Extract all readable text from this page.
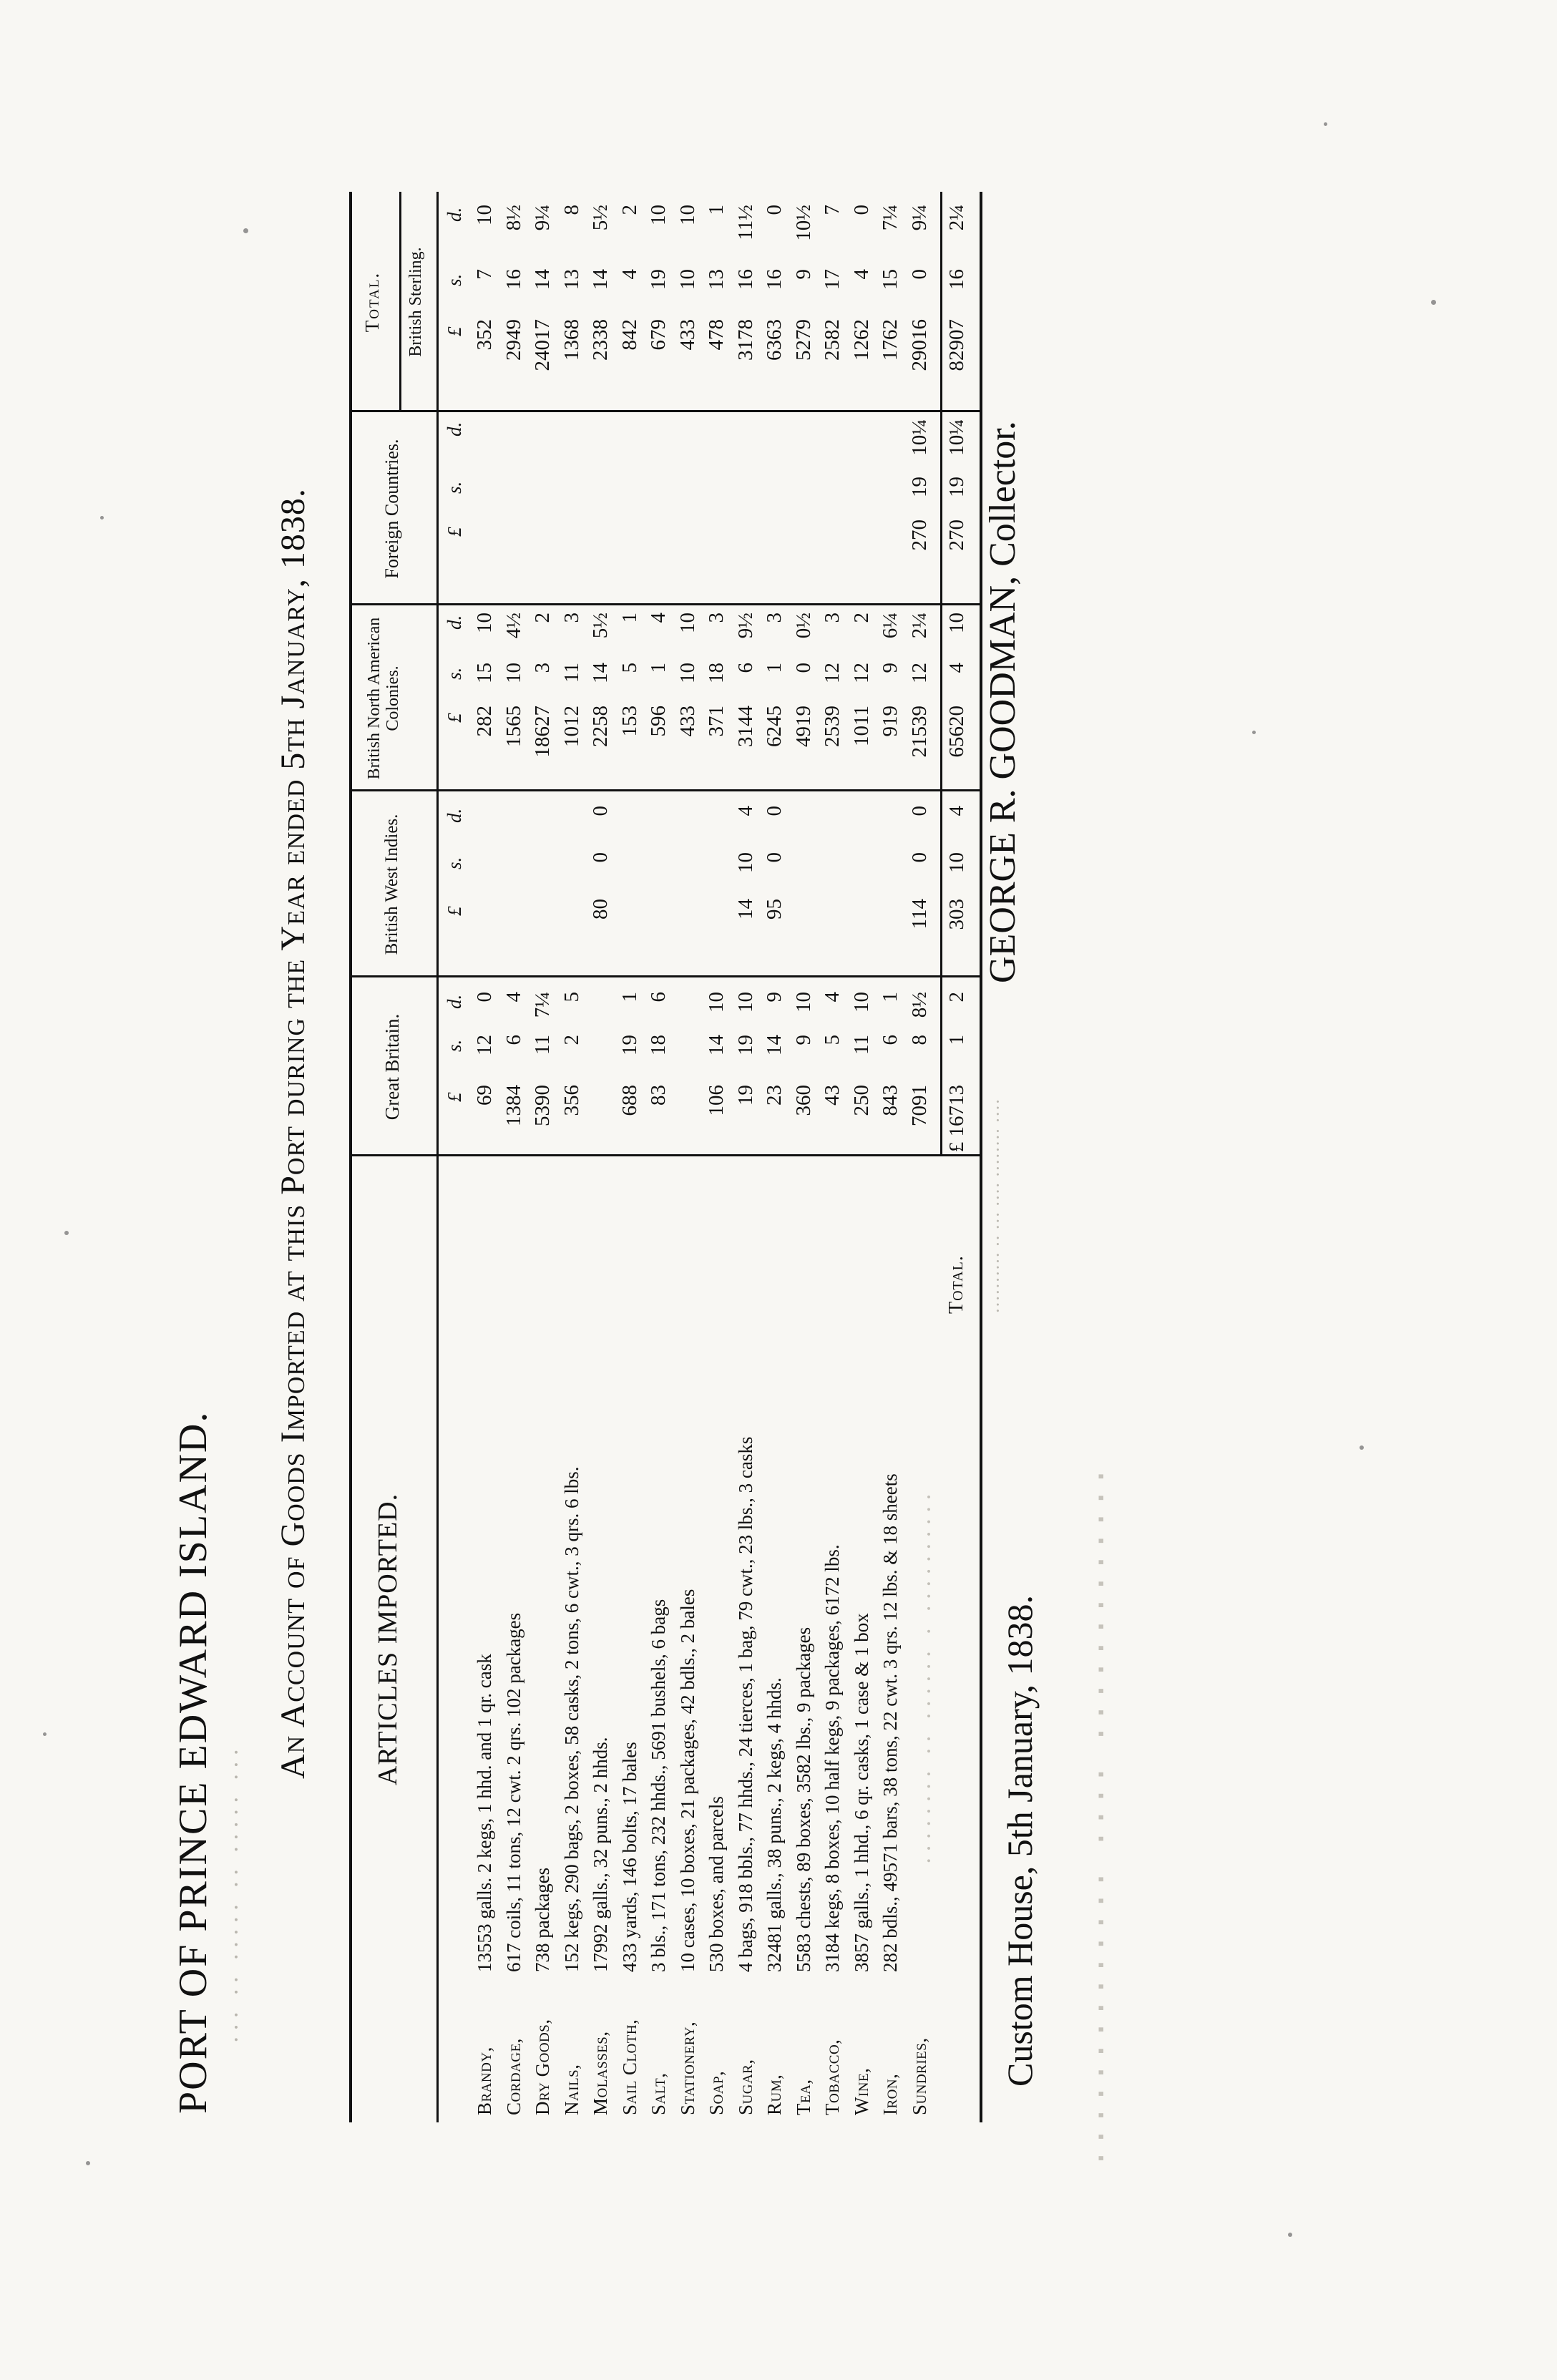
··· ·· ····· ·· ····· ···
········ ·· ······ · ··········	·············· ···· ·············
PORT OF PRINCE EDWARD ISLAND. An Account of Goods Imported at this Port during the Year ended 5th January, 1838. ARTICLES IMPORTED.
Great Britain.
British West Indies.
British North American Colonies.
Foreign Countries.
Total. British Sterling.
£
s.
d.
£
s.
d.
£
s.
d.
£
s.
d.
£
s.
d.
Brandy,
13553 galls. 2 kegs, 1 hhd. and 1 qr. cask
69
12
0
282
15
10
352
7
10
Cordage,
617 coils, 11 tons, 12 cwt. 2 qrs. 102 packages
1384
6
4
1565
10
4½
2949
16
8½
Dry Goods,
738 packages
5390
11
7¼
18627
3
2
24017
14
9¼
Nails,
152 kegs, 290 bags, 2 boxes, 58 casks, 2 tons, 6 cwt., 3 qrs. 6 lbs.
356
2
5
1012
11
3
1368
13
8
Molasses,
17992 galls., 32 puns., 2 hhds.
80
0
0
2258
14
5½
2338
14
5½
Sail Cloth,
433 yards, 146 bolts, 17 bales
688
19
1
153
5
1
842
4
2
Salt,
3 bls., 171 tons, 232 hhds., 5691 bushels, 6 bags
83
18
6
596
1
4
679
19
10
Stationery,
10 cases, 10 boxes, 21 packages, 42 bdls., 2 bales
433
10
10
433
10
10
Soap,
530 boxes, and parcels
106
14
10
371
18
3
478
13
1
Sugar,
4 bags, 918 bbls., 77 hhds., 24 tierces, 1 bag, 79 cwt., 23 lbs., 3 casks
19
19
10
14
10
4
3144
6
9½
3178
16
11½
Rum,
32481 galls., 38 puns., 2 kegs, 4 hhds.
23
14
9
95
0
0
6245
1
3
6363
16
0
Tea,
5583 chests, 89 boxes, 3582 lbs., 9 packages
360
9
10
4919
0
0½
5279
9
10½
Tobacco,
3184 kegs, 8 boxes, 10 half kegs, 9 packages, 6172 lbs.
43
5
4
2539
12
3
2582
17
7
Wine,
3857 galls., 1 hhd., 6 qr. casks, 1 case & 1 box
250
11
10
1011
12
2
1262
4
0
Iron,
282 bdls., 49571 bars, 38 tons, 22 cwt. 3 qrs. 12 lbs. & 18 sheets
843
6
1
919
9
6¼
1762
15
7¼
Sundries,
7091
8
8½
114
0
0
21539
12
2¼
270
19
10¼
29016
0
9¼
Total.
£ 16713
1
2
303
10
4
65620
4
10
270
19
10¼
82907
16
2¼
Custom House, 5th January, 1838.
·········· ·· ··· ···· ········ ····
GEORGE R. GOODMAN, Collector.
